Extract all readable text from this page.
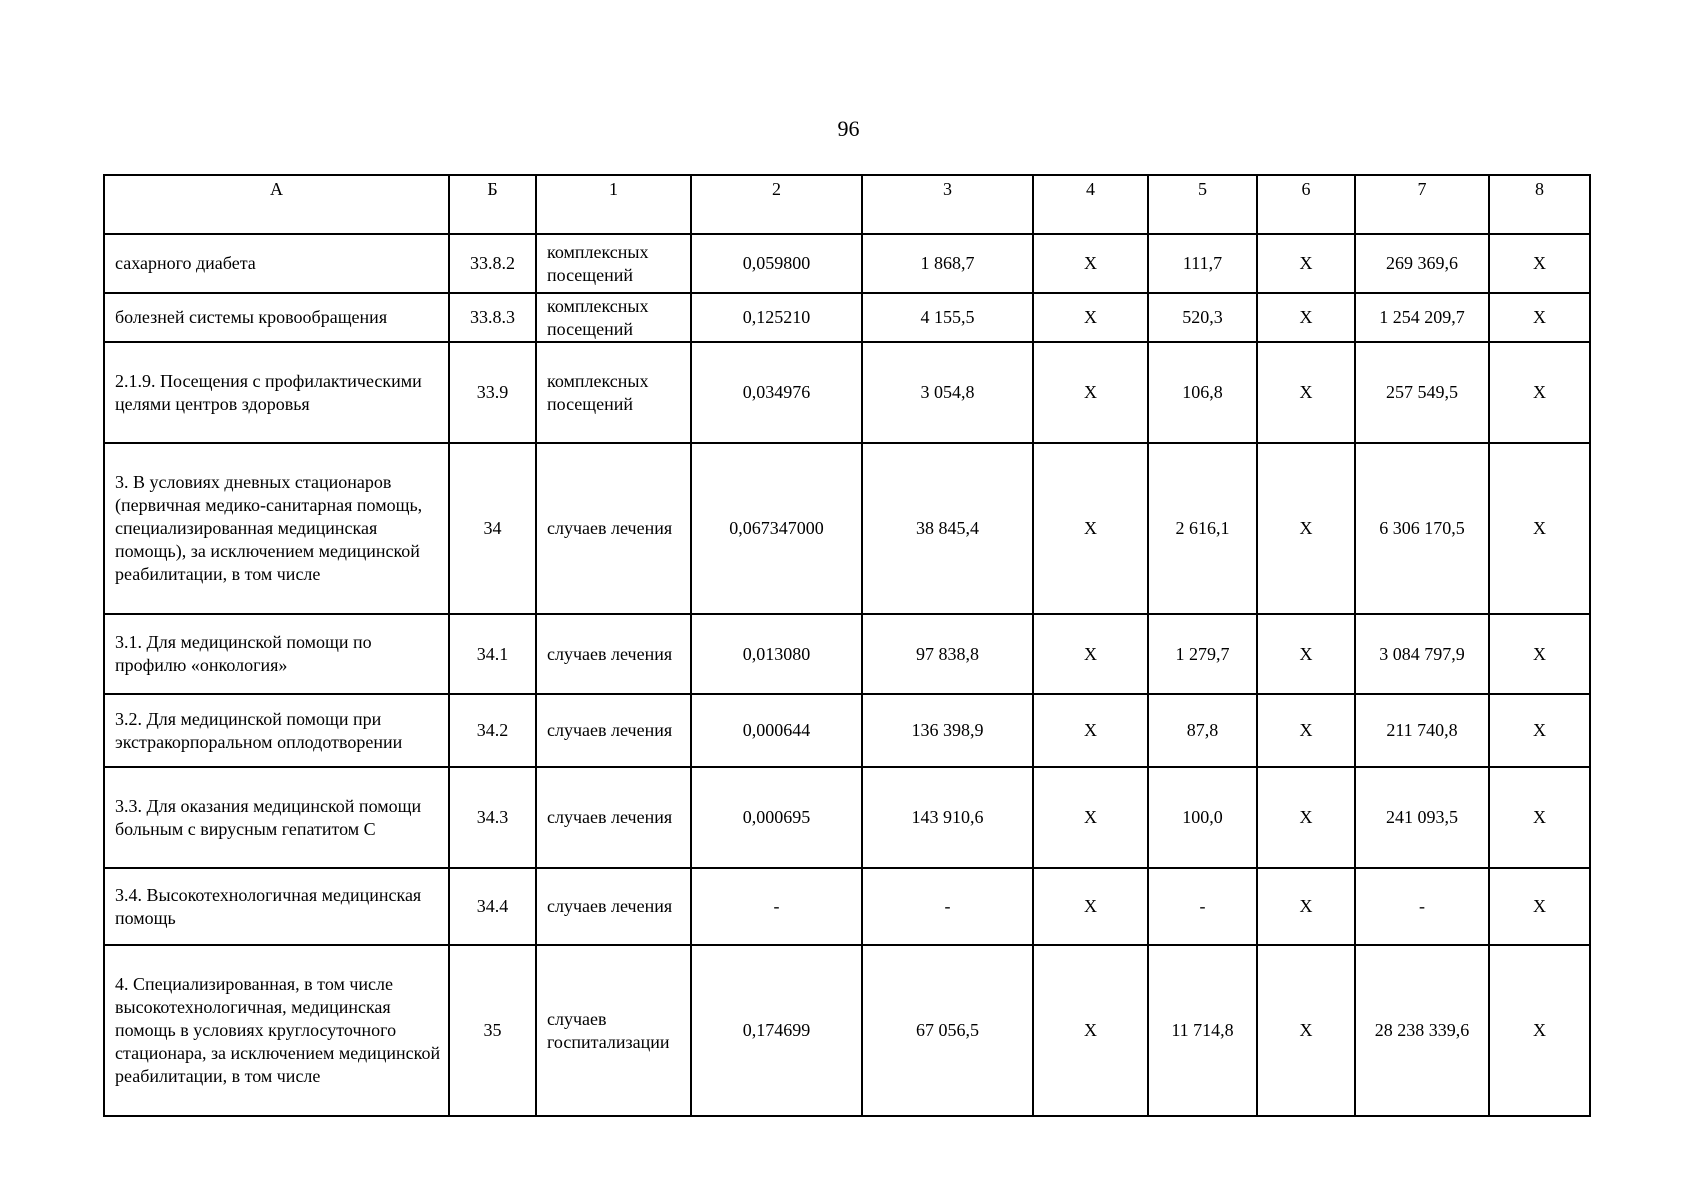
96
А	Б	1	2	3	4	5	6	7	8
сахарного диабета	33.8.2	комплексных посещений	0,059800	1 868,7	Х	111,7	Х	269 369,6	Х
болезней системы кровообращения	33.8.3	комплексных посещений	0,125210	4 155,5	Х	520,3	Х	1 254 209,7	Х
2.1.9. Посещения с профилактическими целями центров здоровья	33.9	комплексных посещений	0,034976	3 054,8	Х	106,8	Х	257 549,5	Х
3. В условиях дневных стационаров (первичная медико-санитарная помощь, специализированная медицинская помощь), за исключением медицинской реабилитации, в том числе	34	случаев лечения	0,067347000	38 845,4	Х	2 616,1	Х	6 306 170,5	Х
3.1. Для медицинской помощи по профилю «онкология»	34.1	случаев лечения	0,013080	97 838,8	Х	1 279,7	Х	3 084 797,9	Х
3.2. Для медицинской помощи при экстракорпоральном оплодотворении	34.2	случаев лечения	0,000644	136 398,9	Х	87,8	Х	211 740,8	Х
3.3. Для оказания медицинской помощи больным с вирусным гепатитом С	34.3	случаев лечения	0,000695	143 910,6	Х	100,0	Х	241 093,5	Х
3.4. Высокотехнологичная медицинская помощь	34.4	случаев лечения	-	-	Х	-	Х	-	Х
4. Специализированная, в том числе высокотехнологичная, медицинская помощь в условиях круглосуточного стационара, за исключением медицинской реабилитации, в том числе	35	случаев госпитализации	0,174699	67 056,5	Х	11 714,8	Х	28 238 339,6	Х
